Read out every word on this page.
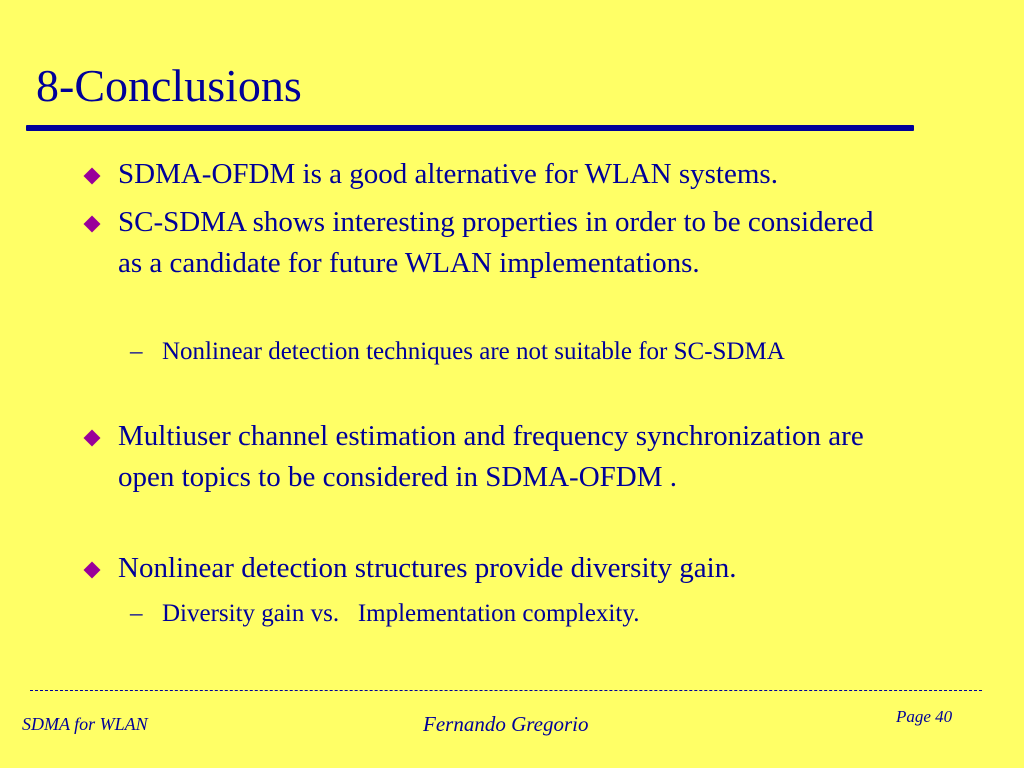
8-Conclusions
SDMA-OFDM is a good alternative for WLAN systems.
SC-SDMA shows interesting properties in order to be considered as a candidate for future WLAN implementations.
– Nonlinear detection techniques are not suitable for SC-SDMA
Multiuser channel estimation and frequency synchronization are open topics to be considered in SDMA-OFDM .
Nonlinear detection structures provide diversity gain.
– Diversity gain vs.   Implementation complexity.
SDMA for WLAN	Fernando Gregorio	Page 40
